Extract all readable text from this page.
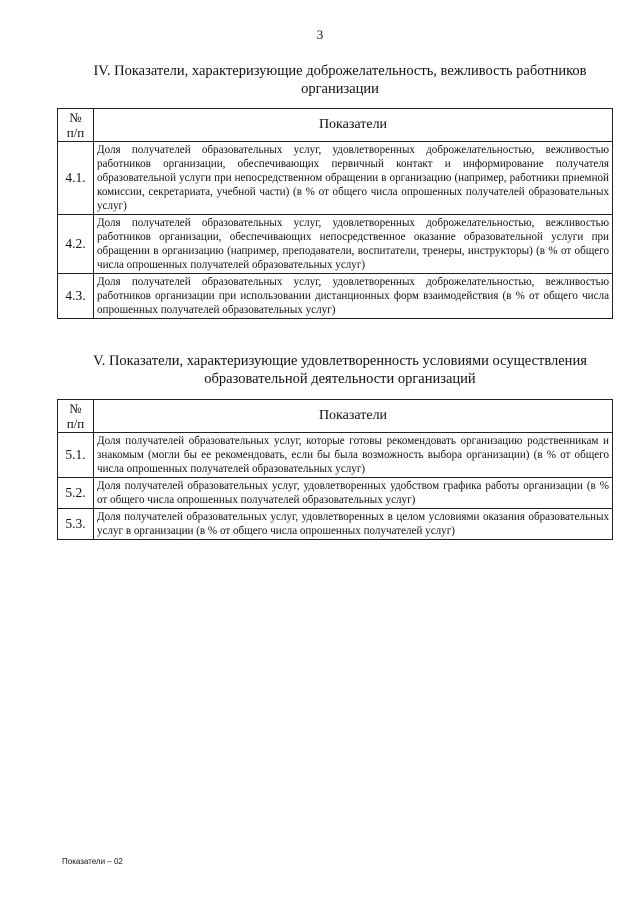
3
IV. Показатели, характеризующие доброжелательность, вежливость работников
организации
№
п/п	Показатели
4.1.	Доля получателей образовательных услуг, удовлетворенных доброжелательностью, вежливостью работников организации, обеспечивающих первичный контакт и информирование получателя образовательной услуги при непосредственном обращении в организацию (например, работники приемной комиссии, секретариата, учебной части) (в % от общего числа опрошенных получателей образовательных услуг)
4.2.	Доля получателей образовательных услуг, удовлетворенных доброжелательностью, вежливостью работников организации, обеспечивающих непосредственное оказание образовательной услуги при обращении в организацию (например, преподаватели, воспитатели, тренеры, инструкторы) (в % от общего числа опрошенных получателей образовательных услуг)
4.3.	Доля получателей образовательных услуг, удовлетворенных доброжелательностью, вежливостью работников организации при использовании дистанционных форм взаимодействия (в % от общего числа опрошенных получателей образовательных услуг)
V. Показатели, характеризующие удовлетворенность условиями осуществления
образовательной деятельности организаций
№
п/п	Показатели
5.1.	Доля получателей образовательных услуг, которые готовы рекомендовать организацию родственникам и знакомым (могли бы ее рекомендовать, если бы была возможность выбора организации) (в % от общего числа опрошенных получателей образовательных услуг)
5.2.	Доля получателей образовательных услуг, удовлетворенных удобством графика работы организации (в % от общего числа опрошенных получателей образовательных услуг)
5.3.	Доля получателей образовательных услуг, удовлетворенных в целом условиями оказания образовательных услуг в организации (в % от общего числа опрошенных получателей услуг)
Показатели – 02
